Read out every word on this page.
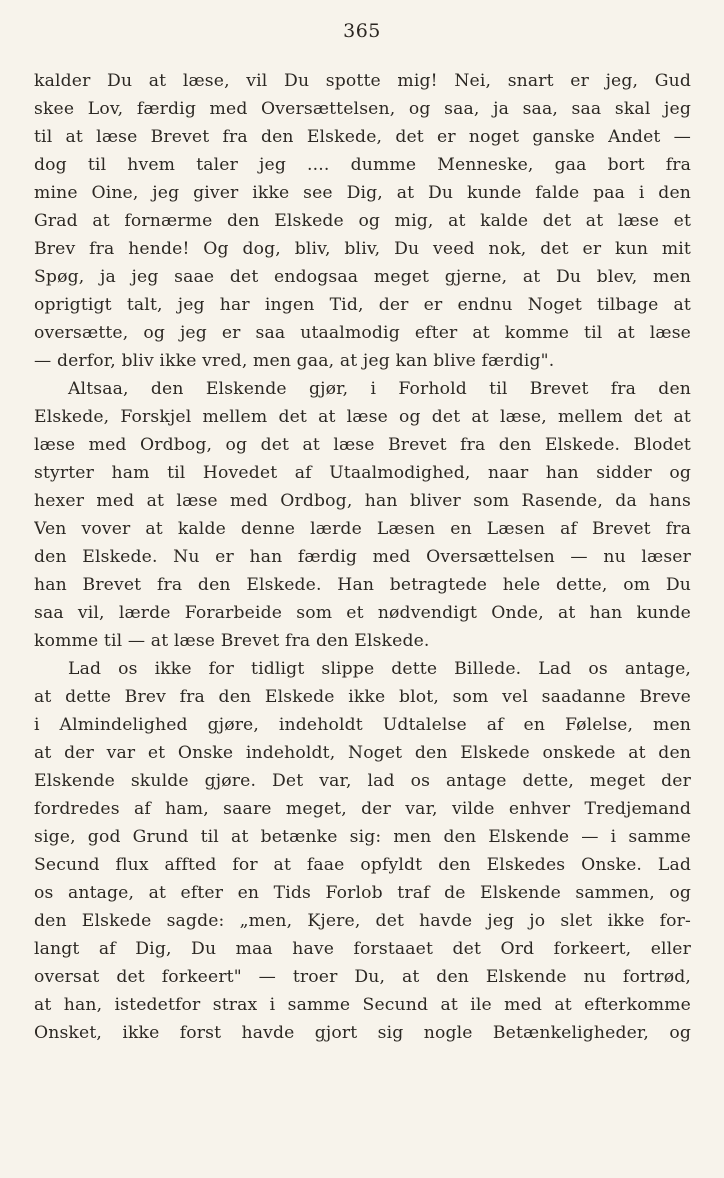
365
kalder Du at læse, vil Du spotte mig! Nei, snart er jeg, Gud
skee Lov, færdig med Oversættelsen, og saa, ja saa, saa skal jeg
til at læse Brevet fra den Elskede, det er noget ganske Andet —
dog til hvem taler jeg .... dumme Menneske, gaa bort fra
mine Oine, jeg giver ikke see Dig, at Du kunde falde paa i den
Grad at fornærme den Elskede og mig, at kalde det at læse et
Brev fra hende! Og dog, bliv, bliv, Du veed nok, det er kun mit
Spøg, ja jeg saae det endogsaa meget gjerne, at Du blev, men
oprigtigt talt, jeg har ingen Tid, der er endnu Noget tilbage at
oversætte, og jeg er saa utaalmodig efter at komme til at læse
— derfor, bliv ikke vred, men gaa, at jeg kan blive færdig".
Altsaa, den Elskende gjør, i Forhold til Brevet fra den
Elskede, Forskjel mellem det at læse og det at læse, mellem det at
læse med Ordbog, og det at læse Brevet fra den Elskede. Blodet
styrter ham til Hovedet af Utaalmodighed, naar han sidder og
hexer med at læse med Ordbog, han bliver som Rasende, da hans
Ven vover at kalde denne lærde Læsen en Læsen af Brevet fra
den Elskede. Nu er han færdig med Oversættelsen — nu læser
han Brevet fra den Elskede. Han betragtede hele dette, om Du
saa vil, lærde Forarbeide som et nødvendigt Onde, at han kunde
komme til — at læse Brevet fra den Elskede.
Lad os ikke for tidligt slippe dette Billede. Lad os antage,
at dette Brev fra den Elskede ikke blot, som vel saadanne Breve
i Almindelighed gjøre, indeholdt Udtalelse af en Følelse, men
at der var et Onske indeholdt, Noget den Elskede onskede at den
Elskende skulde gjøre. Det var, lad os antage dette, meget der
fordredes af ham, saare meget, der var, vilde enhver Tredjemand
sige, god Grund til at betænke sig: men den Elskende — i samme
Secund flux affted for at faae opfyldt den Elskedes Onske. Lad
os antage, at efter en Tids Forlob traf de Elskende sammen, og
den Elskede sagde: „men, Kjere, det havde jeg jo slet ikke for-
langt af Dig, Du maa have forstaaet det Ord forkeert, eller
oversat det forkeert" — troer Du, at den Elskende nu fortrød,
at han, istedetfor strax i samme Secund at ile med at efterkomme
Onsket, ikke forst havde gjort sig nogle Betænkeligheder, og
